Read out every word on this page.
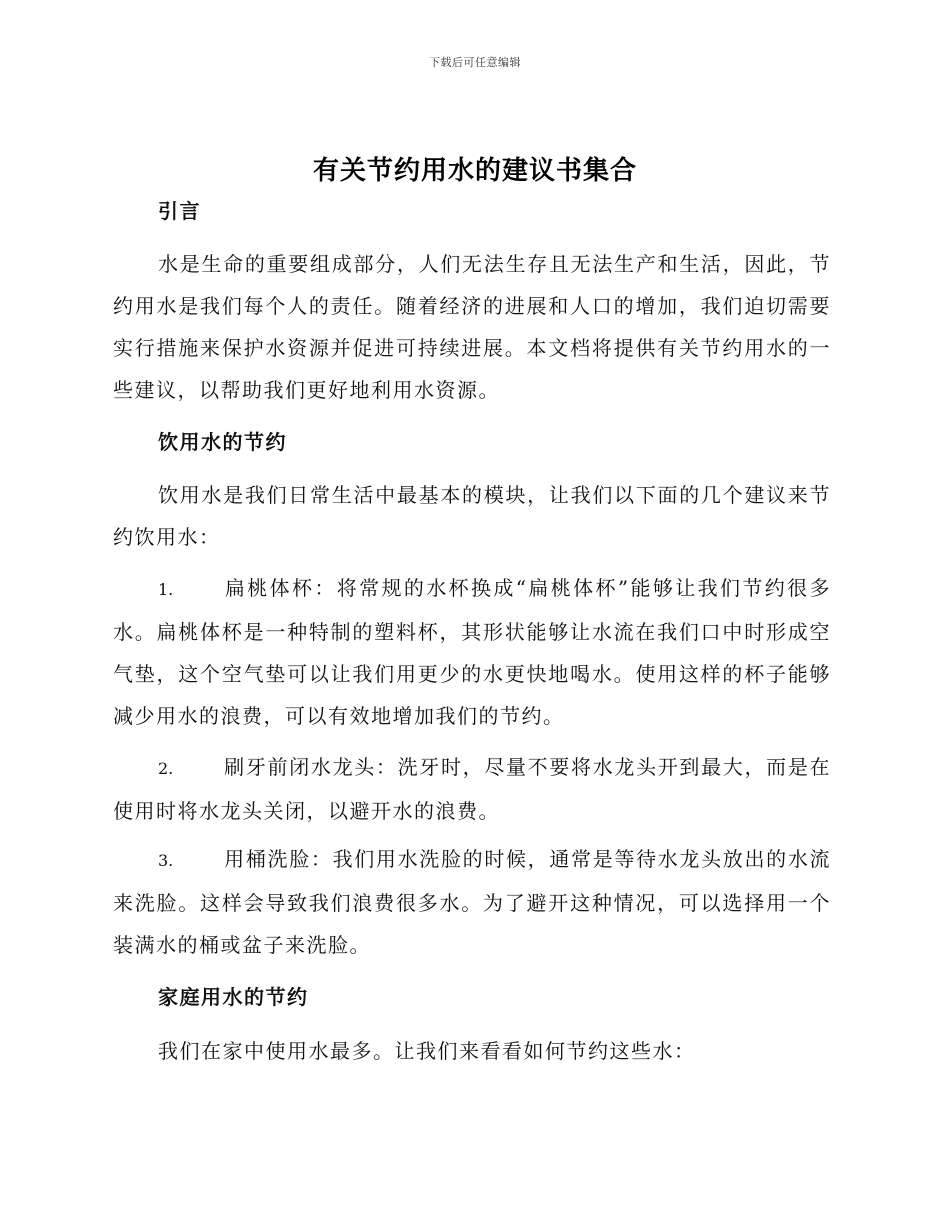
下载后可任意编辑
有关节约用水的建议书集合
引言

水是生命的重要组成部分，人们无法生存且无法生产和生活，因此，节约用水是我们每个人的责任。随着经济的进展和人口的增加，我们迫切需要实行措施来保护水资源并促进可持续进展。本文档将提供有关节约用水的一些建议，以帮助我们更好地利用水资源。

饮用水的节约

饮用水是我们日常生活中最基本的模块，让我们以下面的几个建议来节约饮用水：

1.	扁桃体杯：将常规的水杯换成“扁桃体杯”能够让我们节约很多水。扁桃体杯是一种特制的塑料杯，其形状能够让水流在我们口中时形成空气垫，这个空气垫可以让我们用更少的水更快地喝水。使用这样的杯子能够减少用水的浪费，可以有效地增加我们的节约。

2.	刷牙前闭水龙头：洗牙时，尽量不要将水龙头开到最大，而是在使用时将水龙头关闭，以避开水的浪费。

3.	用桶洗脸：我们用水洗脸的时候，通常是等待水龙头放出的水流来洗脸。这样会导致我们浪费很多水。为了避开这种情况，可以选择用一个装满水的桶或盆子来洗脸。

家庭用水的节约

我们在家中使用水最多。让我们来看看如何节约这些水：
